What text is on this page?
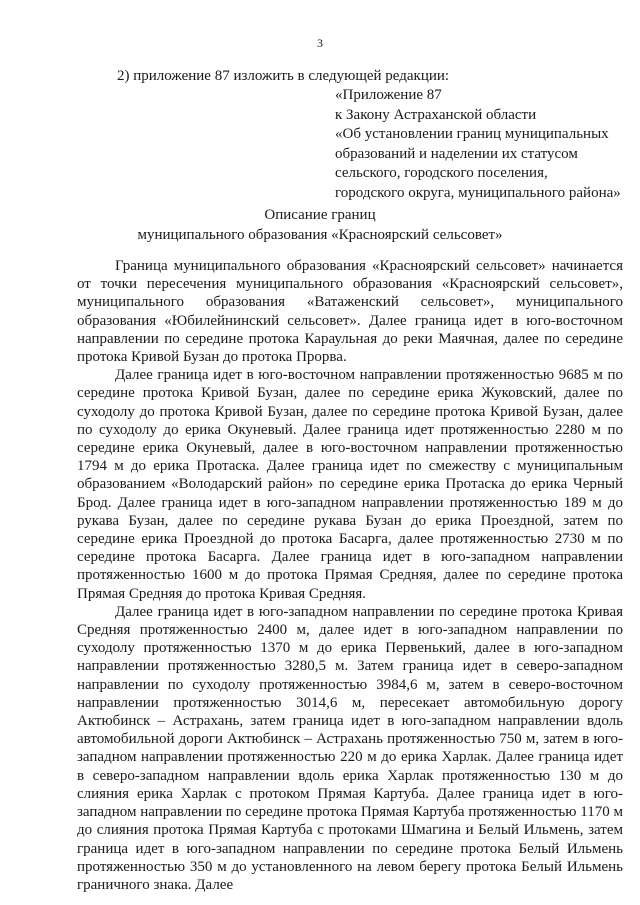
3
2) приложение 87 изложить в следующей редакции:
«Приложение 87
к Закону Астраханской области
«Об установлении границ муниципальных
образований и наделении их статусом
сельского, городского поселения,
городского округа, муниципального района»
Описание границ
муниципального образования «Красноярский сельсовет»

Граница муниципального образования «Красноярский сельсовет» начинается от точки пересечения муниципального образования «Красноярский сельсовет», муниципального образования «Ватаженский сельсовет», муниципального образования «Юбилейнинский сельсовет». Далее граница идет в юго-восточном направлении по середине протока Караульная до реки Маячная, далее по середине протока Кривой Бузан до протока Прорва.

Далее граница идет в юго-восточном направлении протяженностью 9685 м по середине протока Кривой Бузан, далее по середине ерика Жуковский, далее по суходолу до протока Кривой Бузан, далее по середине протока Кривой Бузан, далее по суходолу до ерика Окуневый. Далее граница идет протяженностью 2280 м по середине ерика Окуневый, далее в юго-восточном направлении протяженностью 1794 м до ерика Протаска. Далее граница идет по смежеству с муниципальным образованием «Володарский район» по середине ерика Протаска до ерика Черный Брод. Далее граница идет в юго-западном направлении протяженностью 189 м до рукава Бузан, далее по середине рукава Бузан до ерика Проездной, затем по середине ерика Проездной до протока Басарга, далее протяженностью 2730 м по середине протока Басарга. Далее граница идет в юго-западном направлении протяженностью 1600 м до протока Прямая Средняя, далее по середине протока Прямая Средняя до протока Кривая Средняя.

Далее граница идет в юго-западном направлении по середине протока Кривая Средняя протяженностью 2400 м, далее идет в юго-западном направлении по суходолу протяженностью 1370 м до ерика Первенький, далее в юго-западном направлении протяженностью 3280,5 м. Затем граница идет в северо-западном направлении по суходолу протяженностью 3984,6 м, затем в северо-восточном направлении протяженностью 3014,6 м, пересекает автомобильную дорогу Актюбинск – Астрахань, затем граница идет в юго-западном направлении вдоль автомобильной дороги Актюбинск – Астрахань протяженностью 750 м, затем в юго-западном направлении протяженностью 220 м до ерика Харлак. Далее граница идет в северо-западном направлении вдоль ерика Харлак протяженностью 130 м до слияния ерика Харлак с протоком Прямая Картуба. Далее граница идет в юго-западном направлении по середине протока Прямая Картуба протяженностью 1170 м до слияния протока Прямая Картуба с протоками Шмагина и Белый Ильмень, затем граница идет в юго-западном направлении по середине протока Белый Ильмень протяженностью 350 м до установленного на левом берегу протока Белый Ильмень граничного знака. Далее
